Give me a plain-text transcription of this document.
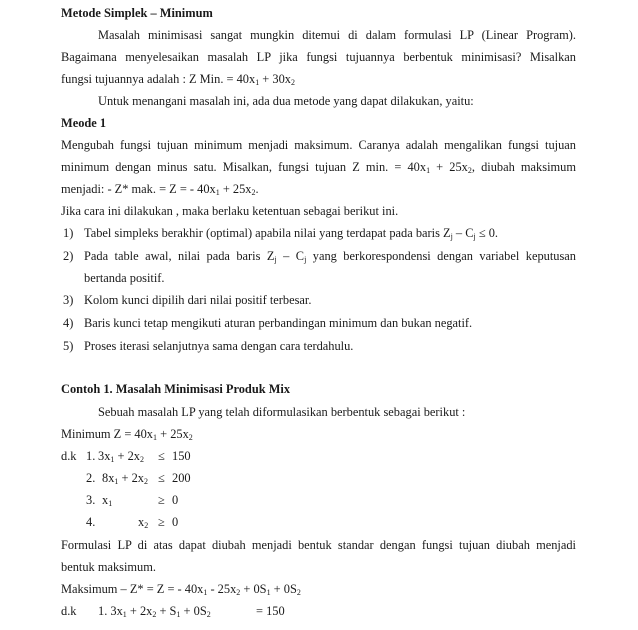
Metode Simplek – Minimum
Masalah minimisasi sangat mungkin ditemui di dalam formulasi LP (Linear Program).
Bagaimana menyelesaikan masalah LP jika fungsi tujuannya berbentuk minimisasi? Misalkan
fungsi tujuannya adalah : Z Min. = $40x_1 + 30x_2$
Untuk menangani masalah ini, ada dua metode yang dapat dilakukan, yaitu:
Meode 1
Mengubah fungsi tujuan minimum menjadi maksimum. Caranya adalah mengalikan fungsi tujuan
minimum dengan minus satu. Misalkan, fungsi tujuan Z min. = $40x_1 + 25x_2$, diubah maksimum
menjadi: - Z* mak. = Z = - $40x_1 + 25x_2$.
Jika cara ini dilakukan , maka berlaku ketentuan sebagai berikut ini.
1) Tabel simpleks berakhir (optimal) apabila nilai yang terdapat pada baris $Z_j - C_j \le 0$.
2) Pada table awal, nilai pada baris $Z_j - C_j$ yang berkorespondensi dengan variabel keputusan
bertanda positif.
3) Kolom kunci dipilih dari nilai positif terbesar.
4) Baris kunci tetap mengikuti aturan perbandingan minimum dan bukan negatif.
5) Proses iterasi selanjutnya sama dengan cara terdahulu.
Contoh 1. Masalah Minimisasi Produk Mix
Sebuah masalah LP yang telah diformulasikan berbentuk sebagai berikut :
Minimum $Z = 40x_1 + 25x_2$
d.k 1. $3x_1 + 2x_2 \le 150$
2. $8x_1 + 2x_2 \le 200$
3. $x_1$	≥ 0
4.	$x_2 \ge 0$
Formulasi LP di atas dapat diubah menjadi bentuk standar dengan fungsi tujuan diubah menjadi
bentuk maksimum.
Maksimum – Z* = Z = - $40x_1 - 25x_2 + 0S_1 + 0S_2$
d.k 1. $3x_1 + 2x_2 + S_1 + 0S_2$	= 150
